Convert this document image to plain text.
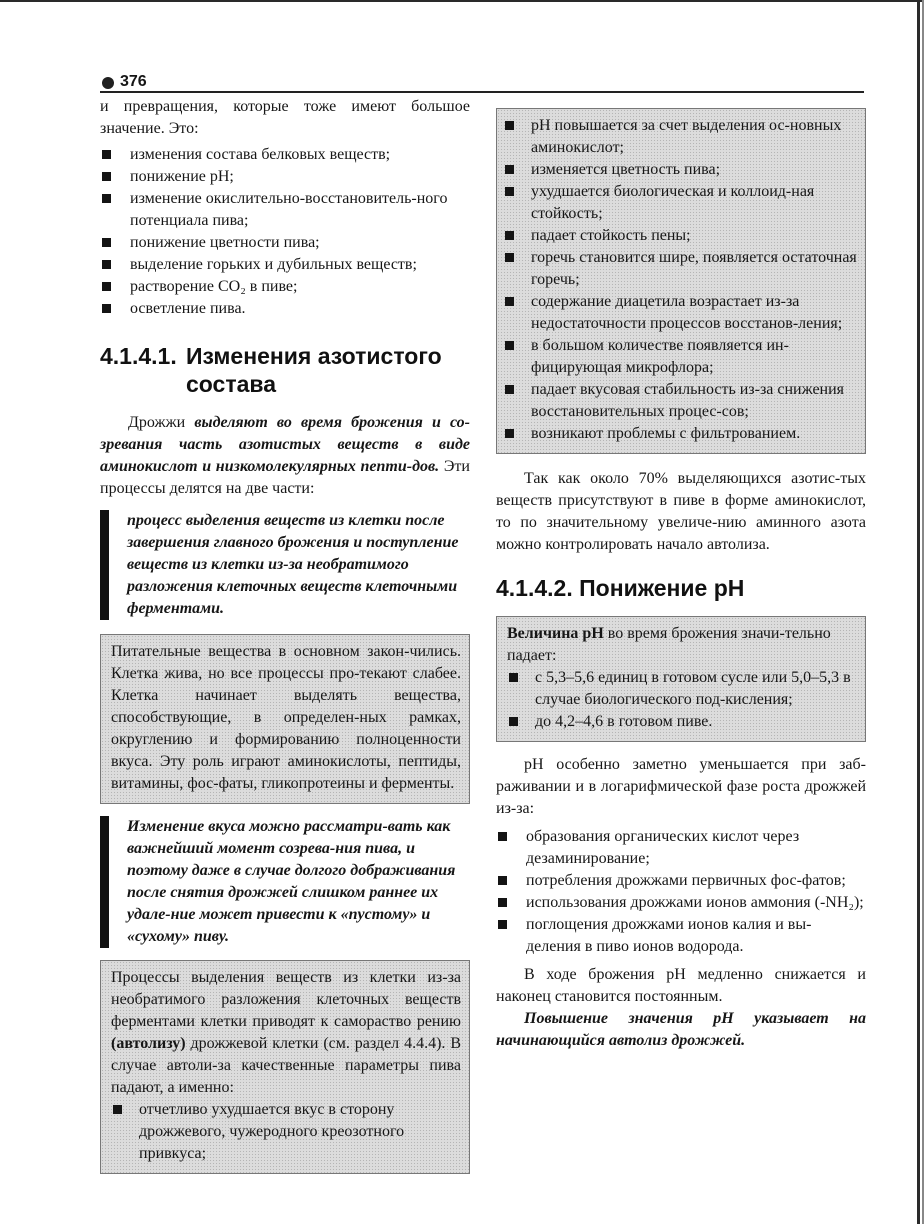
376

и превращения, которые тоже имеют большое значение. Это:

изменения состава белковых веществ;
понижение pH;
изменение окислительно-восстановитель-ного потенциала пива;
понижение цветности пива;
выделение горьких и дубильных веществ;
растворение CO₂ в пиве;
осветление пива.
4.1.4.1. Изменения азотистого
состава

Дрожжи выделяют во время брожения и со-зревания часть азотистых веществ в виде аминокислот и низкомолекулярных пепти-дов. Эти процессы делятся на две части:

процесс выделения веществ из клетки после завершения главного брожения и поступление веществ из клетки из-за необратимого разложения клеточных веществ клеточными ферментами.

Питательные вещества в основном закон-чились. Клетка жива, но все процессы про-текают слабее. Клетка начинает выделять вещества, способствующие, в определен-ных рамках, округлению и формированию полноценности вкуса. Эту роль играют аминокислоты, пептиды, витамины, фос-фаты, гликопротеины и ферменты.

Изменение вкуса можно рассматри-вать как важнейший момент созрева-ния пива, и поэтому даже в случае долгого дображивания после снятия дрожжей слишком раннее их удале-ние может привести к «пустому» и «сухому» пиву.

Процессы выделения веществ из клетки из-за необратимого разложения клеточных веществ ферментами клетки приводят к самораство рению (автолизу) дрожжевой клетки (см. раздел 4.4.4). В случае автоли-за качественные параметры пива падают, а именно:

отчетливо ухудшается вкус в сторону дрожжевого, чужеродного креозотного привкуса;
pH повышается за счет выделения ос-новных аминокислот;
изменяется цветность пива;
ухудшается биологическая и коллоид-ная стойкость;
падает стойкость пены;
горечь становится шире, появляется остаточная горечь;
содержание диацетила возрастает из-за недостаточности процессов восстанов-ления;
в большом количестве появляется ин-фицирующая микрофлора;
падает вкусовая стабильность из-за снижения восстановительных процес-сов;
возникают проблемы с фильтрованием.

Так как около 70% выделяющихся азотис-тых веществ присутствуют в пиве в форме аминокислот, то по значительному увеличе-нию аминного азота можно контролировать начало автолиза.

4.1.4.2. Понижение pH

Величина pH во время брожения значи-тельно падает:

с 5,3–5,6 единиц в готовом сусле или 5,0–5,3 в случае биологического под-кисления;
до 4,2–4,6 в готовом пиве.

pH особенно заметно уменьшается при заб-раживании и в логарифмической фазе роста дрожжей из-за:

образования органических кислот через дезаминирование;
потребления дрожжами первичных фос-фатов;
использования дрожжами ионов аммония (-NH₂);
поглощения дрожжами ионов калия и вы-деления в пиво ионов водорода.

В ходе брожения pH медленно снижается и наконец становится постоянным.

Повышение значения pH указывает на начинающийся автолиз дрожжей.
